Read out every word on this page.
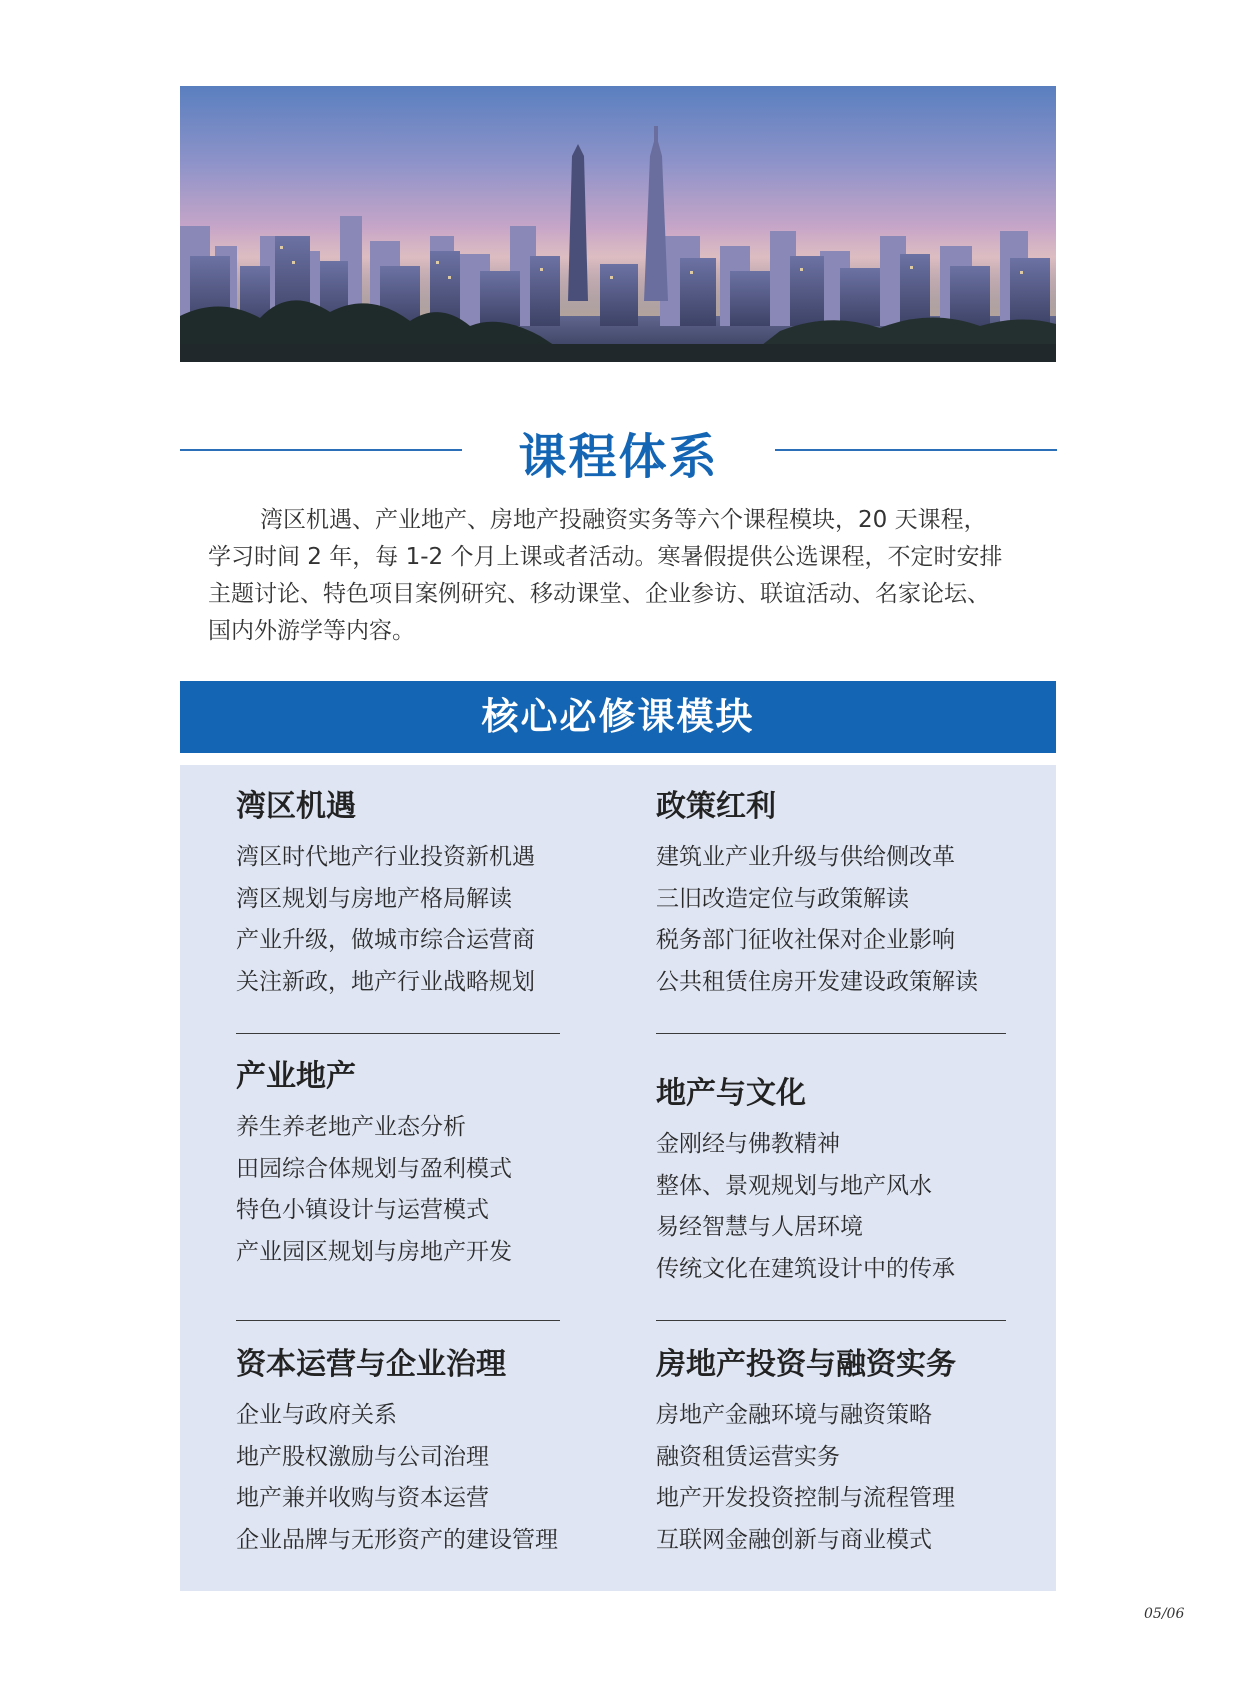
课程体系

湾区机遇、产业地产、房地产投融资实务等六个课程模块，20 天课程，学习时间 2 年，每 1-2 个月上课或者活动。寒暑假提供公选课程，不定时安排主题讨论、特色项目案例研究、移动课堂、企业参访、联谊活动、名家论坛、国内外游学等内容。

核心必修课模块
湾区机遇
湾区时代地产行业投资新机遇
湾区规划与房地产格局解读
产业升级，做城市综合运营商
关注新政，地产行业战略规划
产业地产
养生养老地产业态分析
田园综合体规划与盈利模式
特色小镇设计与运营模式
产业园区规划与房地产开发
资本运营与企业治理
企业与政府关系
地产股权激励与公司治理
地产兼并收购与资本运营
企业品牌与无形资产的建设管理
政策红利
建筑业产业升级与供给侧改革
三旧改造定位与政策解读
税务部门征收社保对企业影响
公共租赁住房开发建设政策解读
地产与文化
金刚经与佛教精神
整体、景观规划与地产风水
易经智慧与人居环境
传统文化在建筑设计中的传承
房地产投资与融资实务
房地产金融环境与融资策略
融资租赁运营实务
地产开发投资控制与流程管理
互联网金融创新与商业模式
05/06
